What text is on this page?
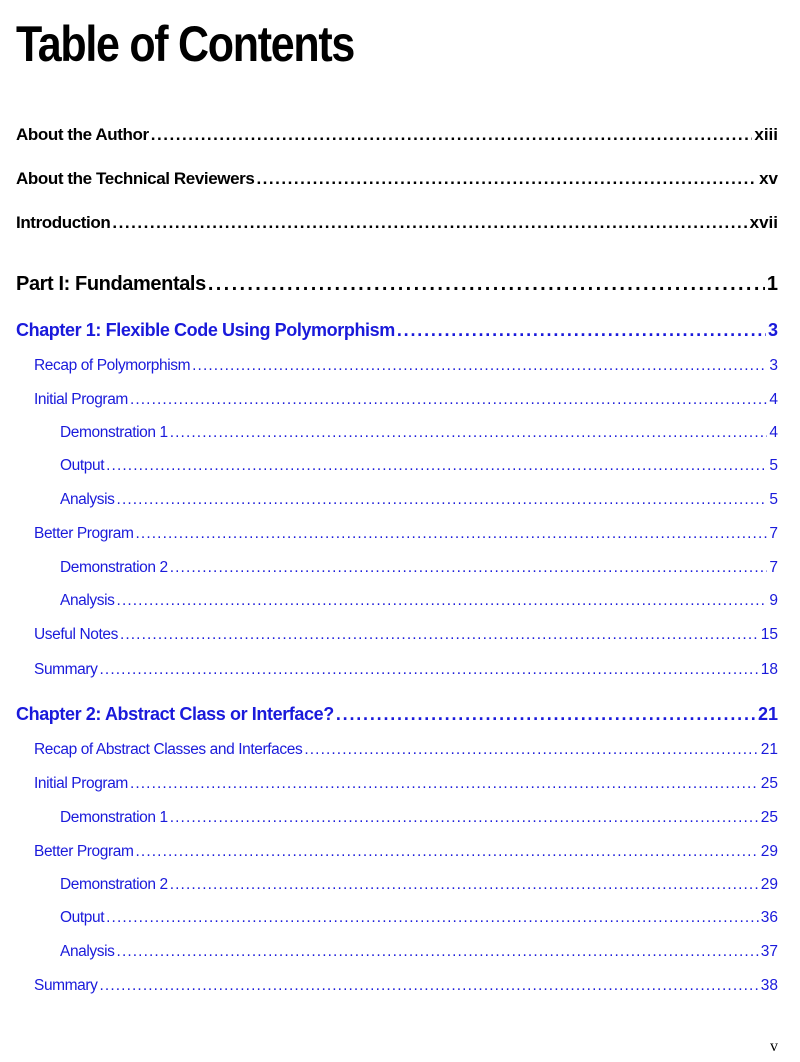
Table of Contents
About the Author . . .	xiii
About the Technical Reviewers . . .	xv
Introduction . . .	xvii
Part I: Fundamentals . . .	1
Chapter 1: Flexible Code Using Polymorphism . . .	3
Recap of Polymorphism . . .	3
Initial Program . . .	4
Demonstration 1 . . .	4
Output . . .	5
Analysis . . .	5
Better Program . . .	7
Demonstration 2 . . .	7
Analysis . . .	9
Useful Notes . . .	15
Summary . . .	18
Chapter 2: Abstract Class or Interface? . . .	21
Recap of Abstract Classes and Interfaces . . .	21
Initial Program . . .	25
Demonstration 1 . . .	25
Better Program . . .	29
Demonstration 2 . . .	29
Output . . .	36
Analysis . . .	37
Summary . . .	38
v
